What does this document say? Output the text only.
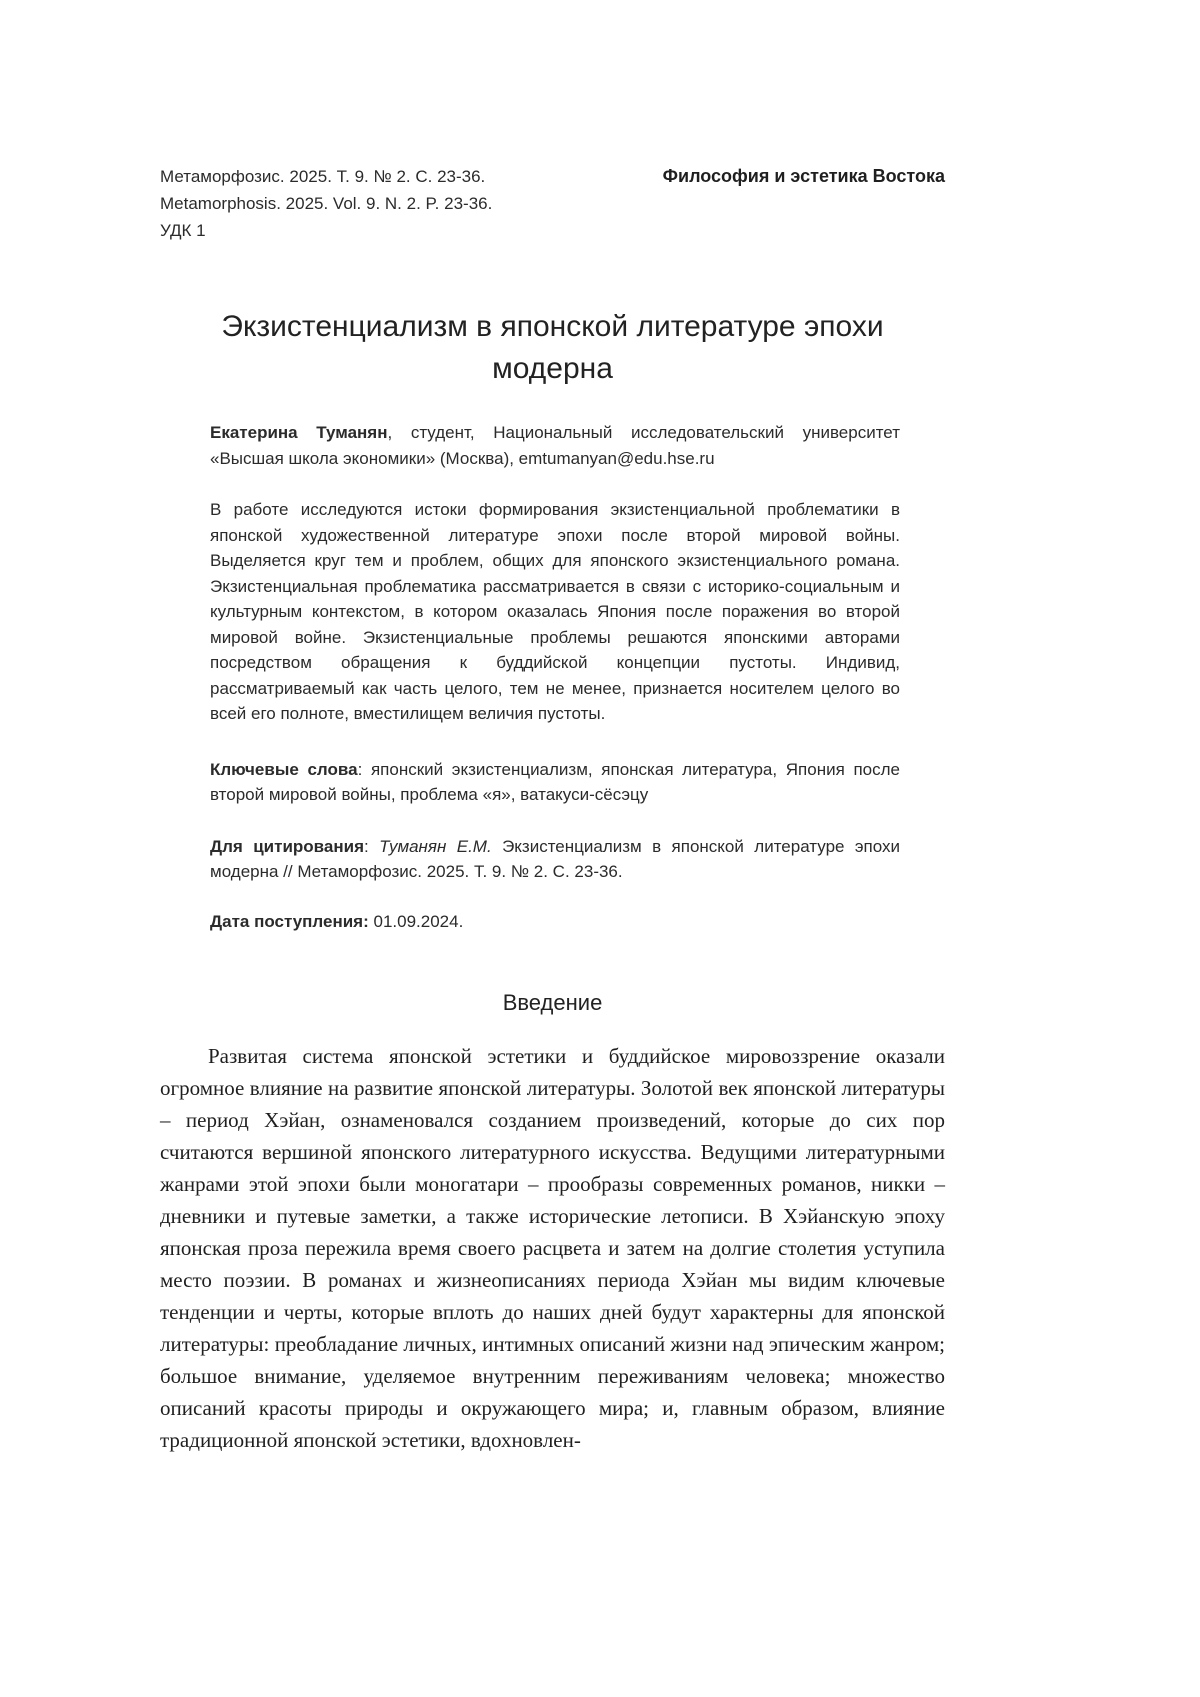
Метаморфозис. 2025. Т. 9. № 2. С. 23-36.
Metamorphosis. 2025. Vol. 9. N. 2. P. 23-36.
УДК 1
Философия и эстетика Востока
Экзистенциализм в японской литературе эпохи модерна
Екатерина Туманян, студент, Национальный исследовательский университет «Высшая школа экономики» (Москва), emtumanyan@edu.hse.ru
В работе исследуются истоки формирования экзистенциальной проблематики в японской художественной литературе эпохи после второй мировой войны. Выделяется круг тем и проблем, общих для японского экзистенциального романа. Экзистенциальная проблематика рассматривается в связи с историко-социальным и культурным контекстом, в котором оказалась Япония после поражения во второй мировой войне. Экзистенциальные проблемы решаются японскими авторами посредством обращения к буддийской концепции пустоты. Индивид, рассматриваемый как часть целого, тем не менее, признается носителем целого во всей его полноте, вместилищем величия пустоты.
Ключевые слова: японский экзистенциализм, японская литература, Япония после второй мировой войны, проблема «я», ватакуси-сёсэцу
Для цитирования: Туманян Е.М. Экзистенциализм в японской литературе эпохи модерна // Метаморфозис. 2025. Т. 9. № 2. С. 23-36.
Дата поступления: 01.09.2024.
Введение

Развитая система японской эстетики и буддийское мировоззрение оказали огромное влияние на развитие японской литературы. Золотой век японской литературы – период Хэйан, ознаменовался созданием произведений, которые до сих пор считаются вершиной японского литературного искусства. Ведущими литературными жанрами этой эпохи были моногатари – прообразы современных романов, никки – дневники и путевые заметки, а также исторические летописи. В Хэйанскую эпоху японская проза пережила время своего расцвета и затем на долгие столетия уступила место поэзии. В романах и жизнеописаниях периода Хэйан мы видим ключевые тенденции и черты, которые вплоть до наших дней будут характерны для японской литературы: преобладание личных, интимных описаний жизни над эпическим жанром; большое внимание, уделяемое внутренним переживаниям человека; множество описаний красоты природы и окружающего мира; и, главным образом, влияние традиционной японской эстетики, вдохновлен-
